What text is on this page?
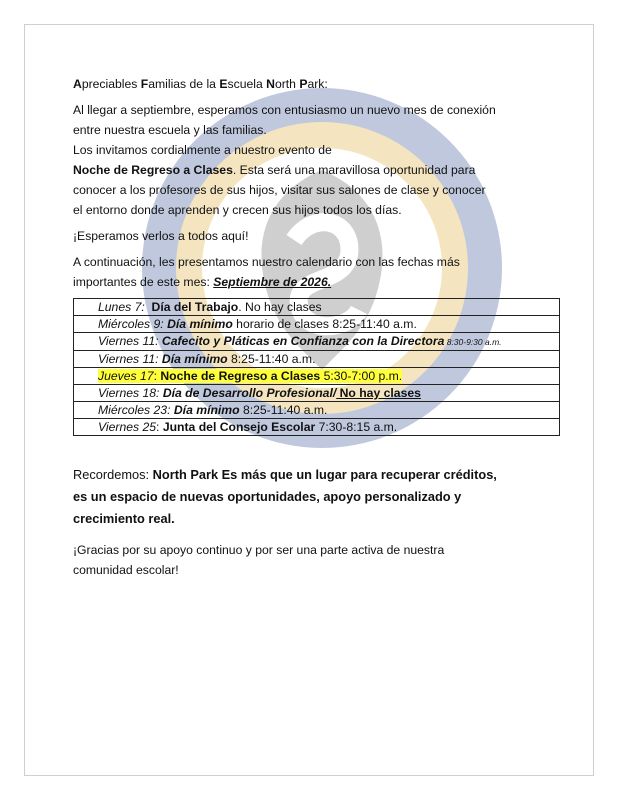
Apreciables Familias de la Escuela North Park:

Al llegar a septiembre, esperamos con entusiasmo un nuevo mes de conexión
entre nuestra escuela y las familias.
Los invitamos cordialmente a nuestro evento de
Noche de Regreso a Clases. Esta será una maravillosa oportunidad para
conocer a los profesores de sus hijos, visitar sus salones de clase y conocer
el entorno donde aprenden y crecen sus hijos todos los días.

¡Esperamos verlos a todos aquí!

A continuación, les presentamos nuestro calendario con las fechas más
importantes de este mes: Septiembre de 2026.

Lunes 7: Día del Trabajo. No hay clases
Miércoles 9: Día mínimo horario de clases 8:25-11:40 a.m.
Viernes 11: Cafecito y Pláticas en Confianza con la Directora 8:30-9:30 a.m.
Viernes 11: Día mínimo 8:25-11:40 a.m.
Jueves 17: Noche de Regreso a Clases 5:30-7:00 p.m.
Viernes 18: Día de Desarrollo Profesional/ No hay clases
Miércoles 23: Día mínimo 8:25-11:40 a.m.
Viernes 25: Junta del Consejo Escolar 7:30-8:15 a.m.

Recordemos: North Park Es más que un lugar para recuperar créditos,
es un espacio de nuevas oportunidades, apoyo personalizado y
crecimiento real.

¡Gracias por su apoyo continuo y por ser una parte activa de nuestra
comunidad escolar!
